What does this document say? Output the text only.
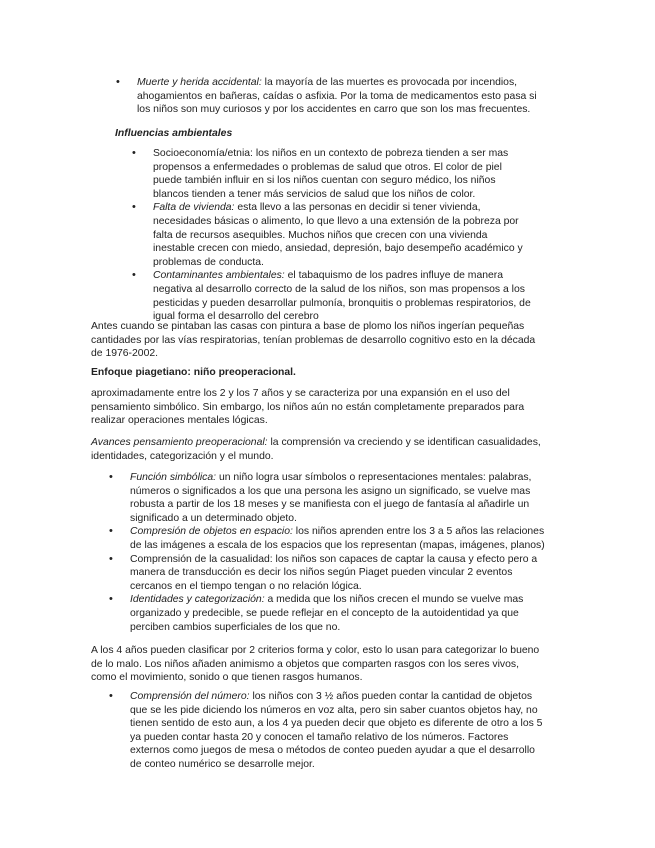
• Muerte y herida accidental: la mayoría de las muertes es provocada por incendios, ahogamientos en bañeras, caídas o asfixia. Por la toma de medicamentos esto pasa si los niños son muy curiosos y por los accidentes en carro que son los mas frecuentes.
Influencias ambientales
• Socioeconomía/etnia: los niños en un contexto de pobreza tienden a ser mas propensos a enfermedades o problemas de salud que otros. El color de piel puede también influir en si los niños cuentan con seguro médico, los niños blancos tienden a tener más servicios de salud que los niños de color.
• Falta de vivienda: esta llevo a las personas en decidir si tener vivienda, necesidades básicas o alimento, lo que llevo a una extensión de la pobreza por falta de recursos asequibles. Muchos niños que crecen con una vivienda inestable crecen con miedo, ansiedad, depresión, bajo desempeño académico y problemas de conducta.
• Contaminantes ambientales: el tabaquismo de los padres influye de manera negativa al desarrollo correcto de la salud de los niños, son mas propensos a los pesticidas y pueden desarrollar pulmonía, bronquitis o problemas respiratorios, de igual forma el desarrollo del cerebro

Antes cuando se pintaban las casas con pintura a base de plomo los niños ingerían pequeñas cantidades por las vías respiratorias, tenían problemas de desarrollo cognitivo esto en la década de 1976-2002.

Enfoque piagetiano: niño preoperacional.

aproximadamente entre los 2 y los 7 años y se caracteriza por una expansión en el uso del pensamiento simbólico. Sin embargo, los niños aún no están completamente preparados para realizar operaciones mentales lógicas.

Avances pensamiento preoperacional: la comprensión va creciendo y se identifican casualidades, identidades, categorización y el mundo.

• Función simbólica: un niño logra usar símbolos o representaciones mentales: palabras, números o significados a los que una persona les asigno un significado, se vuelve mas robusta a partir de los 18 meses y se manifiesta con el juego de fantasía al añadirle un significado a un determinado objeto.
• Compresión de objetos en espacio: los niños aprenden entre los 3 a 5 años las relaciones de las imágenes a escala de los espacios que los representan (mapas, imágenes, planos)
• Comprensión de la casualidad: los niños son capaces de captar la causa y efecto pero a manera de transducción es decir los niños según Piaget pueden vincular 2 eventos cercanos en el tiempo tengan o no relación lógica.
• Identidades y categorización: a medida que los niños crecen el mundo se vuelve mas organizado y predecible, se puede reflejar en el concepto de la autoidentidad ya que perciben cambios superficiales de los que no.

A los 4 años pueden clasificar por 2 criterios forma y color, esto lo usan para categorizar lo bueno de lo malo. Los niños añaden animismo a objetos que comparten rasgos con los seres vivos, como el movimiento, sonido o que tienen rasgos humanos.

• Comprensión del número: los niños con 3 ½ años pueden contar la cantidad de objetos que se les pide diciendo los números en voz alta, pero sin saber cuantos objetos hay, no tienen sentido de esto aun, a los 4 ya pueden decir que objeto es diferente de otro a los 5 ya pueden contar hasta 20 y conocen el tamaño relativo de los números. Factores externos como juegos de mesa o métodos de conteo pueden ayudar a que el desarrollo de conteo numérico se desarrolle mejor.
